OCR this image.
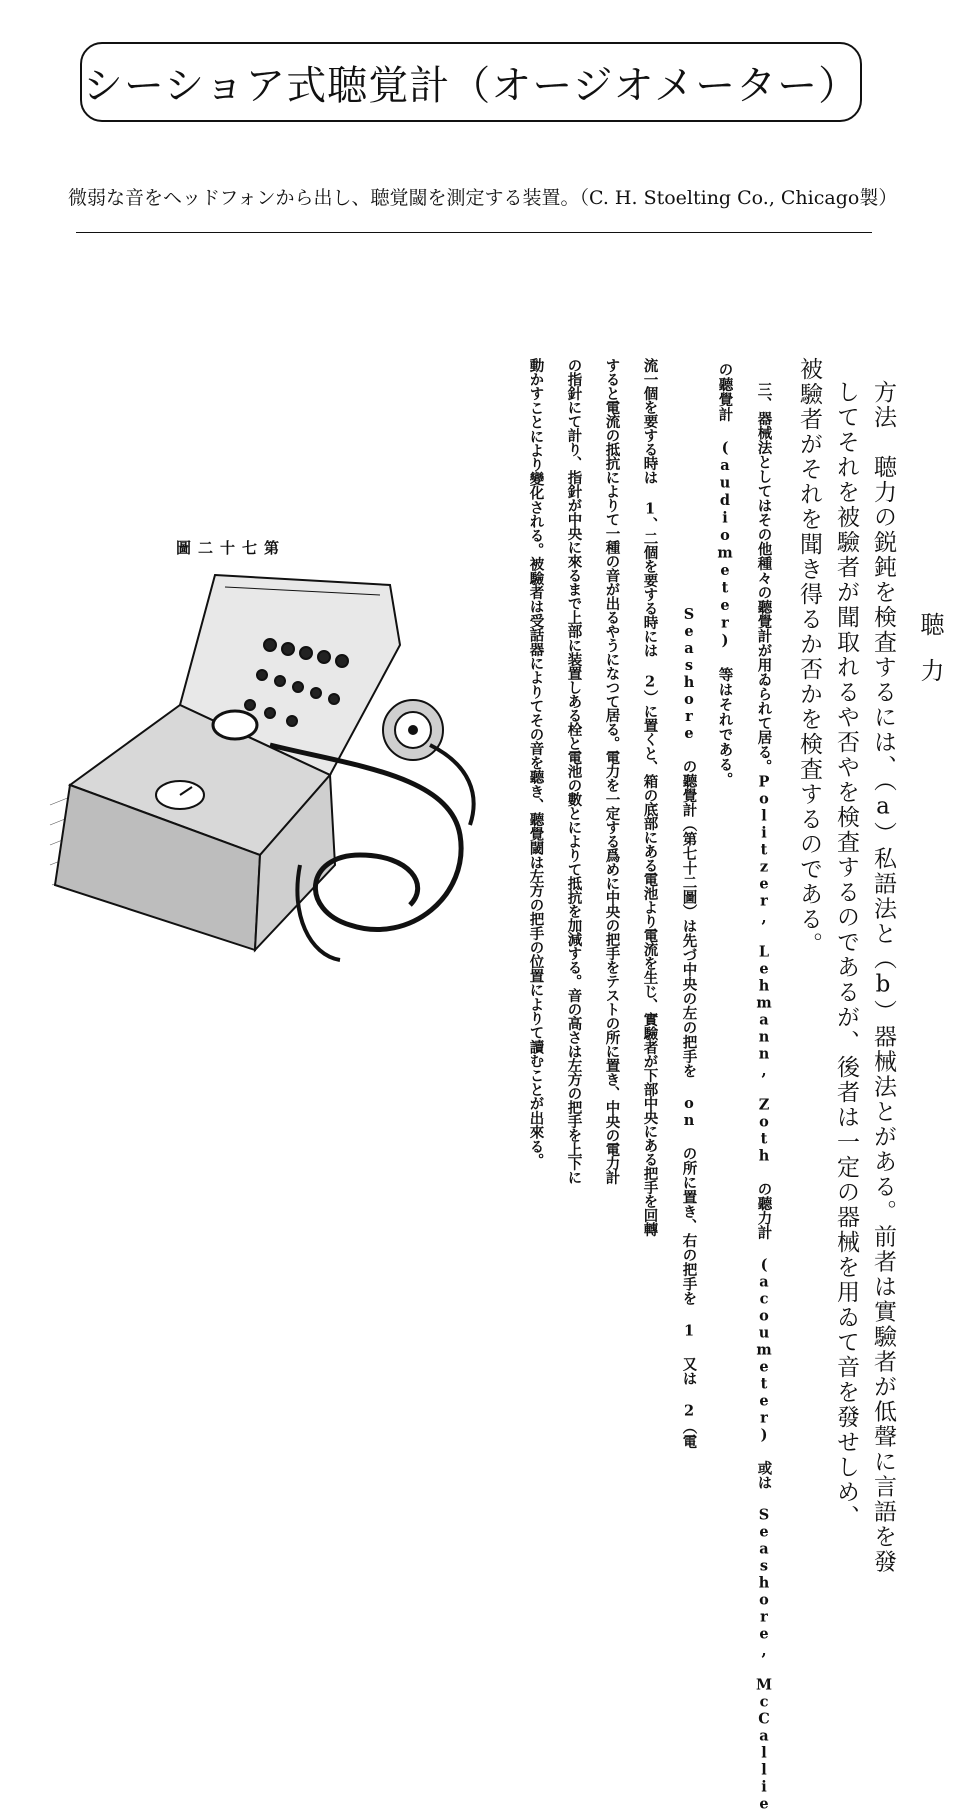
シーショア式聴覚計（オージオメーター）
微弱な音をヘッドフォンから出し、聴覚閾を測定する装置。（C. H. Stoelting Co., Chicago製）
圖二十七第
聴力
方法　聴力の鋭鈍を検査するには、（a）私語法と（b）器械法とがある。前者は實驗者が低聲に言語を發
してそれを被驗者が聞取れるや否やを検査するのであるが、後者は一定の器械を用ゐて音を發せしめ、
被驗者がそれを聞き得るか否かを検査するのである。
三、器械法としてはその他種々の聽覺計が用ゐられて居る。Politzer, Lehmann, Zoth の聽力計 (acoumeter) 或は Seashore, McCallie
の聽覺計 (audiometer) 等はそれである。
Seashore の聽覺計（第七十二圖）は先づ中央の左の把手を on の所に置き、右の把手を 1 又は 2（電
流一個を要する時は 1、二個を要する時には 2）に置くと、箱の底部にある電池より電流を生じ、實驗者が下部中央にある把手を回轉
すると電流の抵抗によりて一種の音が出るやうになつて居る。電力を一定する爲めに中央の把手をテストの所に置き、中央の電力計
の指針にて計り、指針が中央に來るまで上部に装置しある栓と電池の數とによりて抵抗を加減する。音の高さは左方の把手を上下に
動かすことにより變化される。被驗者は受話器によりてその音を聽き、聽覺閾は左方の把手の位置によりて讀むことが出來る。
